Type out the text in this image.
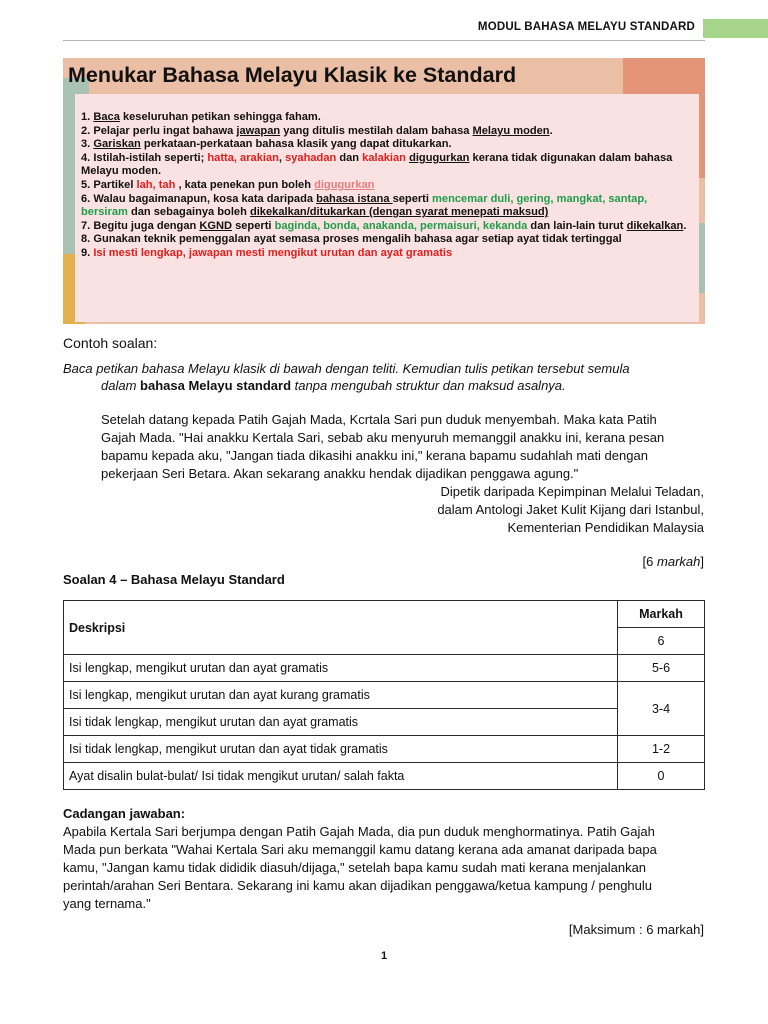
MODUL BAHASA MELAYU STANDARD
Menukar Bahasa Melayu Klasik ke Standard
1. Baca keseluruhan petikan sehingga faham.
2. Pelajar perlu ingat bahawa jawapan yang ditulis mestilah dalam bahasa Melayu moden.
3. Gariskan perkataan-perkataan bahasa klasik yang dapat ditukarkan.
4. Istilah-istilah seperti; hatta, arakian, syahadan dan kalakian digugurkan kerana tidak digunakan dalam bahasa Melayu moden.
5. Partikel lah, tah , kata penekan pun boleh digugurkan
6. Walau bagaimanapun, kosa kata daripada bahasa istana seperti mencemar duli, gering, mangkat, santap, bersiram dan sebagainya boleh dikekalkan/ditukarkan (dengan syarat menepati maksud)
7. Begitu juga dengan KGND seperti baginda, bonda, anakanda, permaisuri, kekanda dan lain-lain turut dikekalkan.
8. Gunakan teknik pemenggalan ayat semasa proses mengalih bahasa agar setiap ayat tidak tertinggal
9. Isi mesti lengkap, jawapan mesti mengikut urutan dan ayat gramatis
Contoh soalan:
Baca petikan bahasa Melayu klasik di bawah dengan teliti. Kemudian tulis petikan tersebut semula
dalam bahasa Melayu standard tanpa mengubah struktur dan maksud asalnya.
Setelah datang kepada Patih Gajah Mada, Kcrtala Sari pun duduk menyembah. Maka kata Patih
Gajah Mada. "Hai anakku Kertala Sari, sebab aku menyuruh memanggil anakku ini, kerana pesan
bapamu kepada aku, "Jangan tiada dikasihi anakku ini," kerana bapamu sudahlah mati dengan
pekerjaan Seri Betara. Akan sekarang anakku hendak dijadikan penggawa agung."
Dipetik daripada Kepimpinan Melalui Teladan,
dalam Antologi Jaket Kulit Kijang dari Istanbul,
Kementerian Pendidikan Malaysia
[6 markah]
Soalan 4 – Bahasa Melayu Standard
Deskripsi	Markah
	6
Isi lengkap, mengikut urutan dan ayat gramatis	5-6
Isi lengkap, mengikut urutan dan ayat kurang gramatis	3-4
Isi tidak lengkap, mengikut urutan dan ayat gramatis	
Isi tidak lengkap, mengikut urutan dan ayat tidak gramatis	1-2
Ayat disalin bulat-bulat/ Isi tidak mengikut urutan/ salah fakta	0
Cadangan jawaban:
Apabila Kertala Sari berjumpa dengan Patih Gajah Mada, dia pun duduk menghormatinya. Patih Gajah
Mada pun berkata "Wahai Kertala Sari aku memanggil kamu datang kerana ada amanat daripada bapa
kamu, "Jangan kamu tidak dididik diasuh/dijaga," setelah bapa kamu sudah mati kerana menjalankan
perintah/arahan Seri Bentara. Sekarang ini kamu akan dijadikan penggawa/ketua kampung / penghulu
yang ternama."
[Maksimum : 6 markah]
1
